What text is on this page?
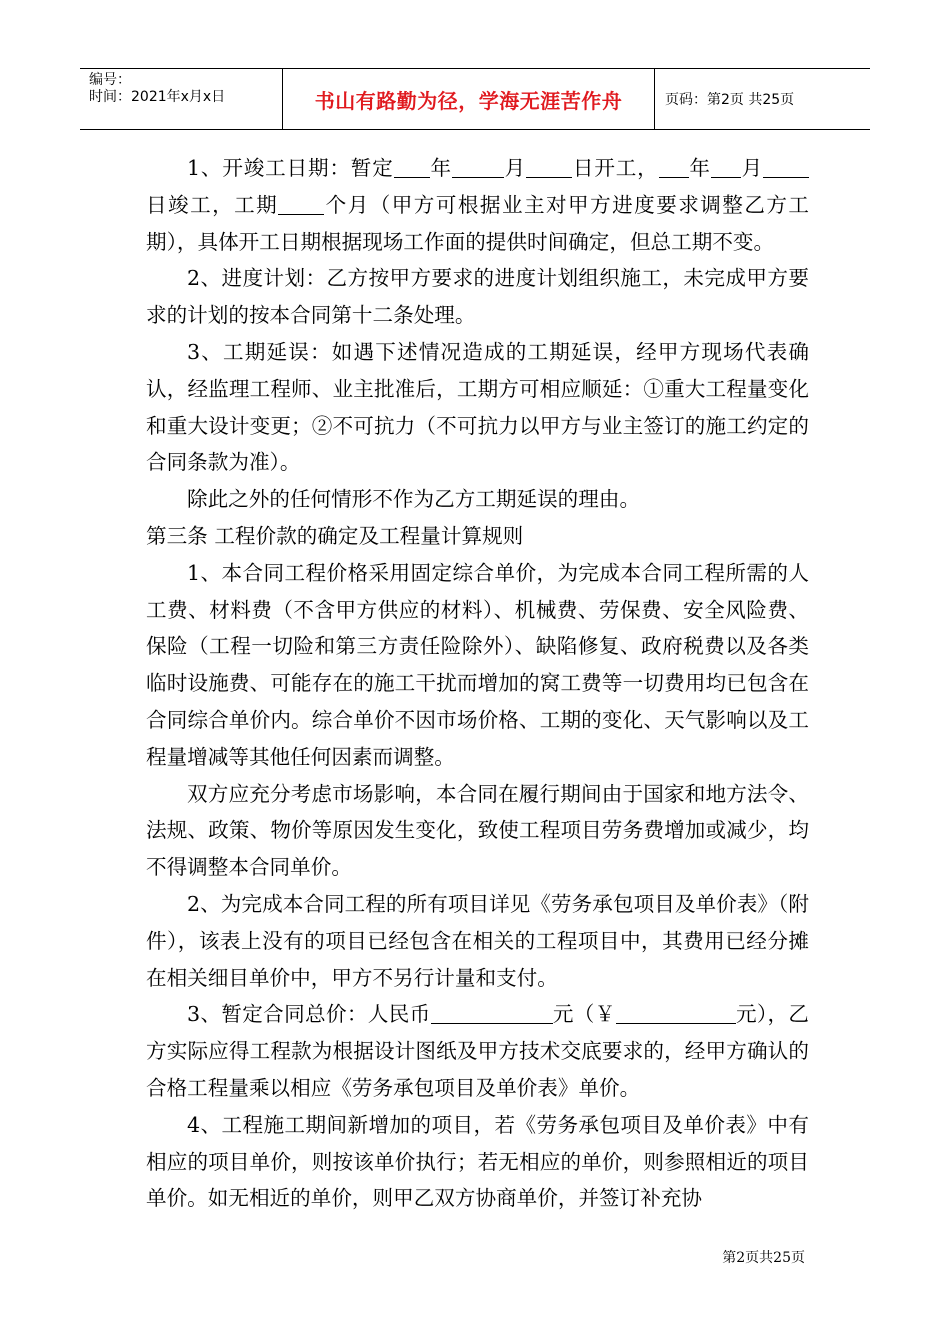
编号：
时间：2021年x月x日	书山有路勤为径，学海无涯苦作舟	页码：第2页 共25页

1、开竣工日期：暂定 年	月 日开工， 年 月日竣工，工期 个月（甲方可根据业主对甲方进度要求调整乙方工期），具体开工日期根据现场工作面的提供时间确定，但总工期不变。

2、进度计划：乙方按甲方要求的进度计划组织施工，未完成甲方要求的计划的按本合同第十二条处理。

3、工期延误：如遇下述情况造成的工期延误，经甲方现场代表确认，经监理工程师、业主批准后，工期方可相应顺延：①重大工程量变化和重大设计变更；②不可抗力（不可抗力以甲方与业主签订的施工约定的合同条款为准）。

除此之外的任何情形不作为乙方工期延误的理由。

第三条 工程价款的确定及工程量计算规则

1、本合同工程价格采用固定综合单价，为完成本合同工程所需的人工费、材料费（不含甲方供应的材料）、机械费、劳保费、安全风险费、保险（工程一切险和第三方责任险除外）、缺陷修复、政府税费以及各类临时设施费、可能存在的施工干扰而增加的窝工费等一切费用均已包含在合同综合单价内。综合单价不因市场价格、工期的变化、天气影响以及工程量增减等其他任何因素而调整。

双方应充分考虑市场影响，本合同在履行期间由于国家和地方法令、法规、政策、物价等原因发生变化，致使工程项目劳务费增加或减少，均不得调整本合同单价。

2、为完成本合同工程的所有项目详见《劳务承包项目及单价表》（附件），该表上没有的项目已经包含在相关的工程项目中，其费用已经分摊在相关细目单价中，甲方不另行计量和支付。

3、暂定合同总价：人民币	元（￥	元），乙方实际应得工程款为根据设计图纸及甲方技术交底要求的，经甲方确认的合格工程量乘以相应《劳务承包项目及单价表》单价。

4、工程施工期间新增加的项目，若《劳务承包项目及单价表》中有相应的项目单价，则按该单价执行；若无相应的单价，则参照相近的项目单价。如无相近的单价，则甲乙双方协商单价，并签订补充协

第2页共25页
